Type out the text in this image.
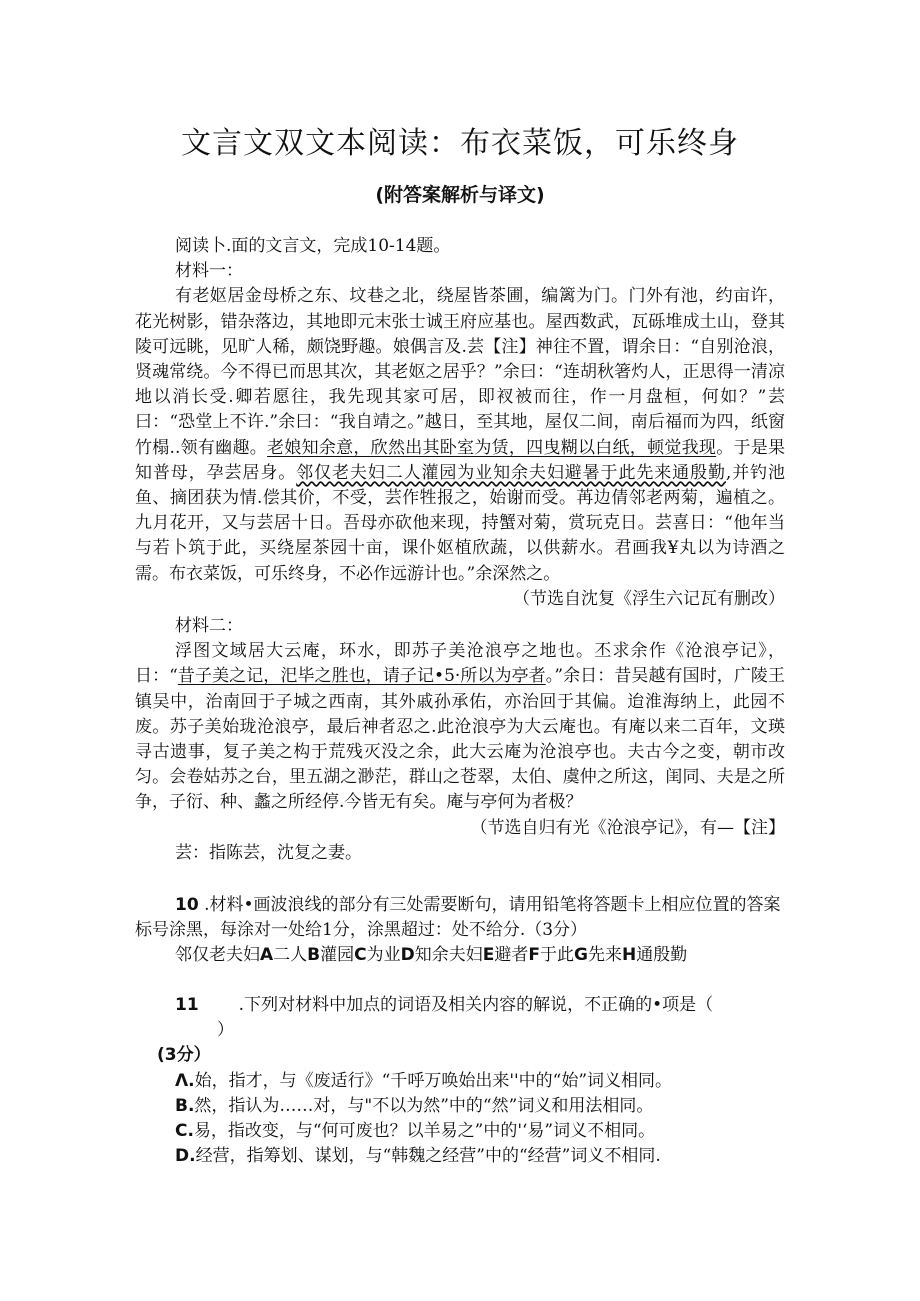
文言文双文本阅读：布衣菜饭，可乐终身
(附答案解析与译文)

阅读卜.面的文言文，完成10-14题。

材料一：

有老妪居金母桥之东、坟巷之北，绕屋皆茶圃，编篱为门。门外有池，约亩许，花光树影，错杂落边，其地即元末张士诚王府应基也。屋西数武，瓦砾堆成土山，登其陵可远眺，见旷人稀，颇饶野趣。娘偶言及.芸【注】神往不置，谓余日：“自别沧浪，贤魂常绕。今不得已而思其次，其老妪之居乎？”余曰：“连胡秋箸灼人，正思得一清凉地以消长受.卿若愿往，我先现其家可居，即衩被而往，作一月盘桓，何如？”芸曰：“恐堂上不许.”余曰：“我自靖之。”越日，至其地，屋仅二间，南后福而为四，纸窗竹榻..领有幽趣。老娘知余意，欣然出其卧室为赁，四曳糊以白纸，顿觉我现。于是果知普母，孕芸居身。邻仅老夫妇二人灌园为业知余夫妇避暑于此先来通殷勤,并钓池鱼、摘团获为情.偿其价，不受，芸作牲报之，始谢而受。苒边倩邻老两菊，遍植之。九月花开，又与芸居十日。吾母亦砍他来现，持蟹对菊，赏玩克日。芸喜日：“他年当与若卜筑于此，买绕屋茶园十亩，课仆妪植欣蔬，以供薪水。君画我¥丸以为诗酒之需。布衣菜饭，可乐终身，不必作远游计也。”余深然之。

（节选自沈复《浮生六记瓦有删改）

材料二：

浮图文域居大云庵，环水，即苏子美沧浪亭之地也。丕求余作《沧浪亭记》，日：“昔子美之记，汜毕之胜也，请子记•5·所以为亭者。”余日：昔吴越有国时，广陵王镇吴中，治南回于子城之西南，其外戚孙承佑，亦治回于其偏。迨淮海纳上，此园不废。苏子美始珑沧浪亭，最后神者忍之.此沧浪亭为大云庵也。有庵以来二百年，文瑛寻古遗事，复子美之构于荒残灭没之余，此大云庵为沧浪亭也。夫古今之变，朝市改匀。会卷姑苏之台，里五湖之渺茫，群山之苍翠，太伯、虞仲之所这，闺同、夫是之所争，子衍、种、蠡之所经停.今皆无有矣。庵与亭何为者极？

（节选自归有光《沧浪亭记》，有—【注】

芸：指陈芸，沈复之妻。

10 .材料•画波浪线的部分有三处需要断句，请用铅笔将答题卡上相应位置的答案标号涂黑，每涂对一处给1分，涂黑超过：处不给分.（3分）

邻仅老夫妇A二人B灌园C为业D知余夫妇E避者F于此G先来H通殷勤

11 .下列对材料中加点的词语及相关内容的解说，不正确的•项是（）

(3分）

Λ.始，指才，与《废适行》“千呼万唤始出来''中的“始”词义相同。

B.然，指认为……对，与"不以为然”中的“然”词义和用法相同。

C.易，指改变，与“何可废也？以羊易之”中的'‘易”词义不相同。

D.经营，指筹划、谋划，与“韩魏之经营”中的“经营”词义不相同.
